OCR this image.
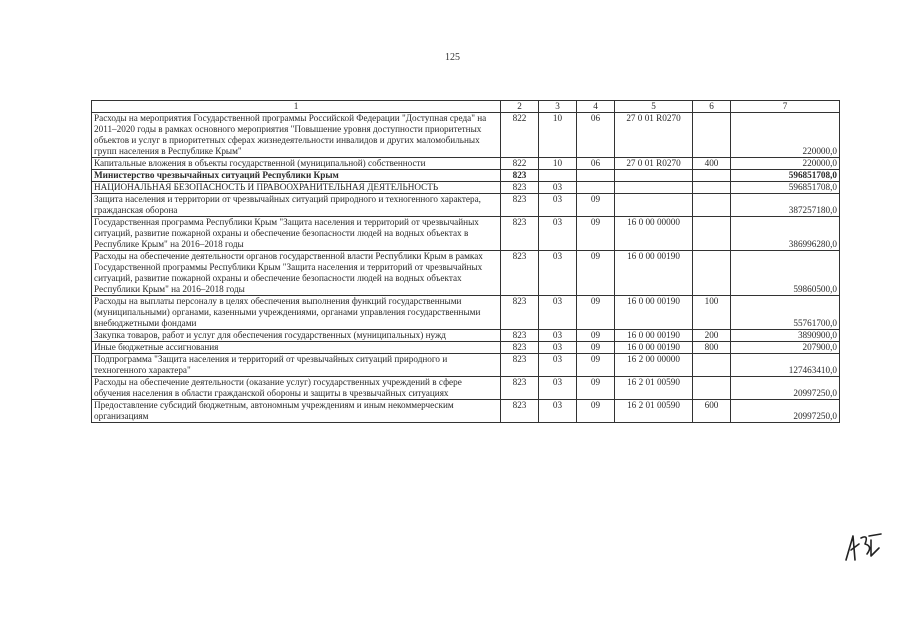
125
1	2	3	4	5	6	7
Расходы на мероприятия Государственной программы Российской Федерации "Доступная среда" на 2011–2020 годы в рамках основного мероприятия "Повышение уровня доступности приоритетных объектов и услуг в приоритетных сферах жизнедеятельности инвалидов и других маломобильных групп населения в Республике Крым"	822	10	06	27 0 01 R0270		220000,0
Капитальные вложения в объекты государственной (муниципальной) собственности	822	10	06	27 0 01 R0270	400	220000,0
Министерство чрезвычайных ситуаций Республики Крым	823					596851708,0
НАЦИОНАЛЬНАЯ БЕЗОПАСНОСТЬ И ПРАВООХРАНИТЕЛЬНАЯ ДЕЯТЕЛЬНОСТЬ	823	03				596851708,0
Защита населения и территории от чрезвычайных ситуаций природного и техногенного характера, гражданская оборона	823	03	09			387257180,0
Государственная программа Республики Крым "Защита населения и территорий от чрезвычайных ситуаций, развитие пожарной охраны и обеспечение безопасности людей на водных объектах в Республике Крым" на 2016–2018 годы	823	03	09	16 0 00 00000		386996280,0
Расходы на обеспечение деятельности органов государственной власти Республики Крым в рамках Государственной программы Республики Крым "Защита населения и территорий от чрезвычайных ситуаций, развитие пожарной охраны и обеспечение безопасности людей на водных объектах Республики Крым" на 2016–2018 годы	823	03	09	16 0 00 00190		59860500,0
Расходы на выплаты персоналу в целях обеспечения выполнения функций государственными (муниципальными) органами, казенными учреждениями, органами управления государственными внебюджетными фондами	823	03	09	16 0 00 00190	100	55761700,0
Закупка товаров, работ и услуг для обеспечения государственных (муниципальных) нужд	823	03	09	16 0 00 00190	200	3890900,0
Иные бюджетные ассигнования	823	03	09	16 0 00 00190	800	207900,0
Подпрограмма "Защита населения и территорий от чрезвычайных ситуаций природного и техногенного характера"	823	03	09	16 2 00 00000		127463410,0
Расходы на обеспечение деятельности (оказание услуг) государственных учреждений в сфере обучения населения в области гражданской обороны и защиты в чрезвычайных ситуациях	823	03	09	16 2 01 00590		20997250,0
Предоставление субсидий бюджетным, автономным учреждениям и иным некоммерческим организациям	823	03	09	16 2 01 00590	600	20997250,0
